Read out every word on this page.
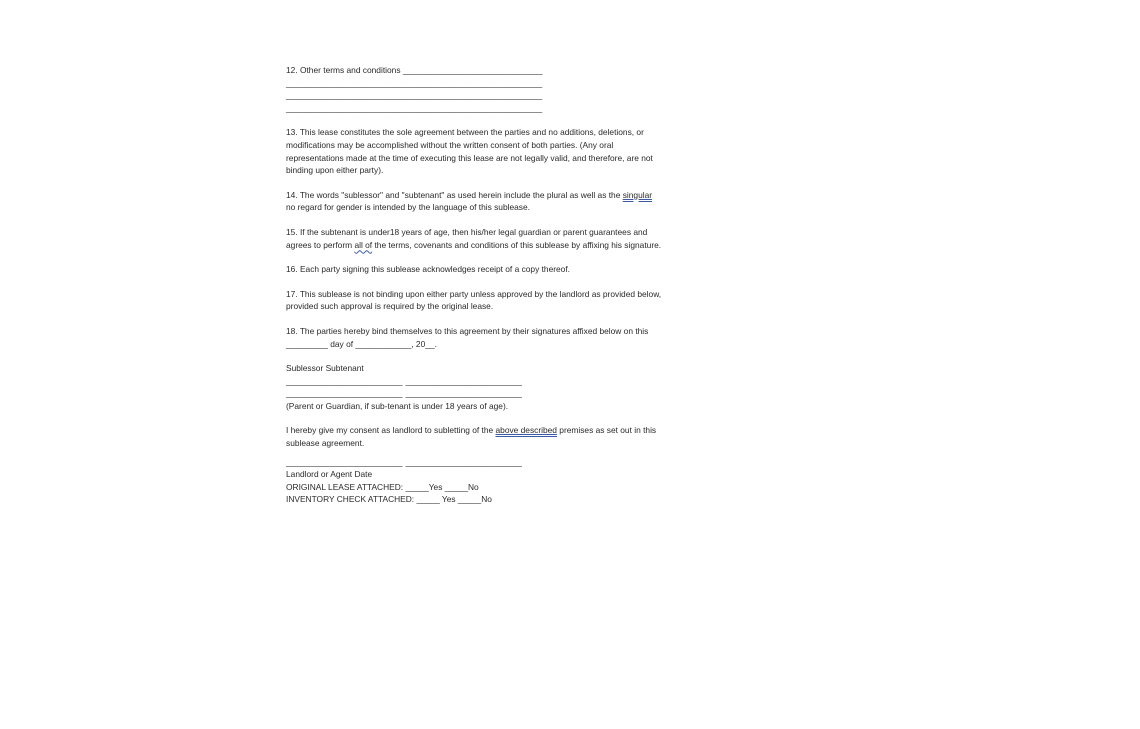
12. Other terms and conditions ______________________________

_______________________________________________________

_______________________________________________________

_______________________________________________________

13. This lease constitutes the sole agreement between the parties and no additions, deletions, or

modifications may be accomplished without the written consent of both parties. (Any oral

representations made at the time of executing this lease are not legally valid, and therefore, are not

binding upon either party).

14. The words "sublessor" and "subtenant" as used herein include the plural as well as the singular

no regard for gender is intended by the language of this sublease.

15. If the subtenant is under18 years of age, then his/her legal guardian or parent guarantees and

agrees to perform all of the terms, covenants and conditions of this sublease by affixing his signature.

16. Each party signing this sublease acknowledges receipt of a copy thereof.

17. This sublease is not binding upon either party unless approved by the landlord as provided below,

provided such approval is required by the original lease.

18. The parties hereby bind themselves to this agreement by their signatures affixed below on this

_________ day of ____________, 20__.

Sublessor Subtenant

_________________________ _________________________

_________________________ _________________________

(Parent or Guardian, if sub-tenant is under 18 years of age).

I hereby give my consent as landlord to subletting of the above described premises as set out in this

sublease agreement.

_________________________ _________________________

Landlord or Agent Date

ORIGINAL LEASE ATTACHED: _____Yes _____No

INVENTORY CHECK ATTACHED: _____ Yes _____No
